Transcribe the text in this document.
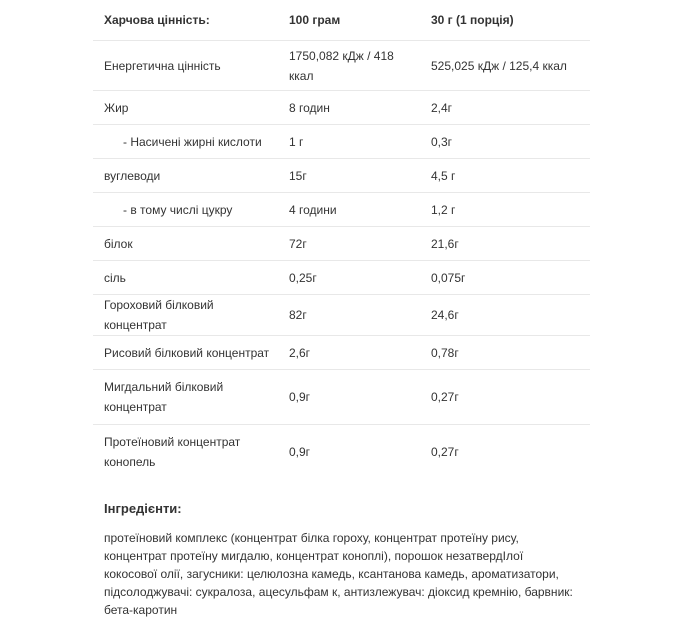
Харчова цінність:	100 грам	30 г (1 порція)
Енергетична цінність	1750,082 кДж / 418 ккал	525,025 кДж / 125,4 ккал
Жир	8 годин	2,4г
- Насичені жирні кислоти	1 г	0,3г
вуглеводи	15г	4,5 г
- в тому числі цукру	4 години	1,2 г
білок	72г	21,6г
сіль	0,25г	0,075г
Гороховий білковий концентрат	82г	24,6г
Рисовий білковий концентрат	2,6г	0,78г
Мигдальний білковий концентрат	0,9г	0,27г
Протеїновий концентрат конопель	0,9г	0,27г
Інгредієнти:

протеїновий комплекс (концентрат білка гороху, концентрат протеїну рису, концентрат протеїну мигдалю, концентрат коноплі), порошок незатвердІлої кокосової олії, загусники: целюлозна камедь, ксантанова камедь, ароматизатори, підсолоджувачі: сукралоза, ацесульфам к, антизлежувач: діоксид кремнію, барвник: бета-каротин
